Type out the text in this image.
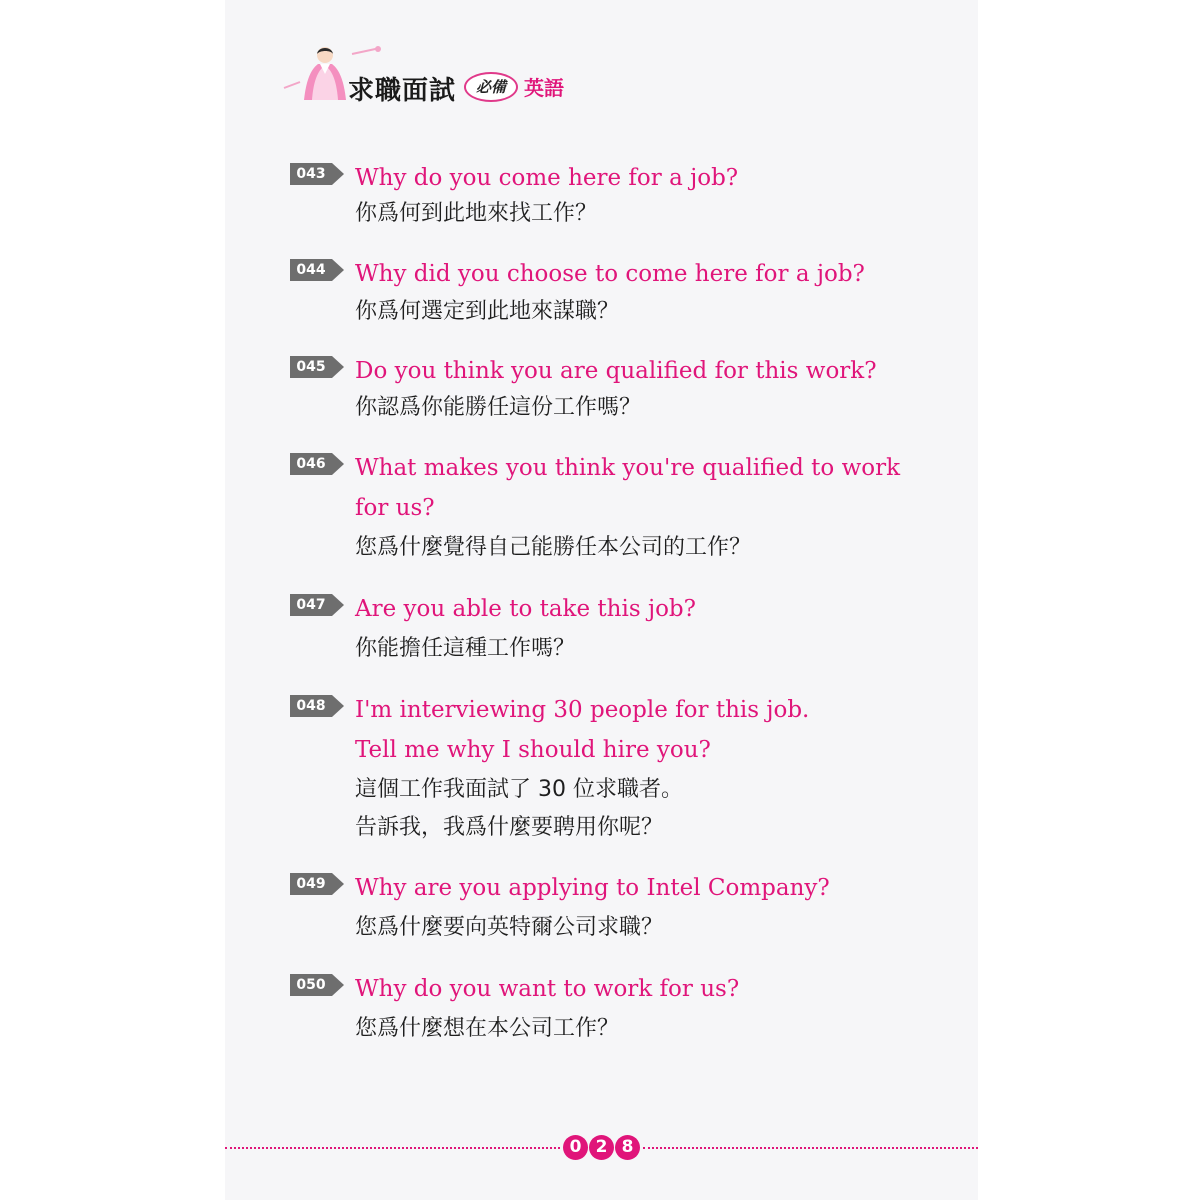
求職面試	必備 英語
043 Why do you come here for a job?
你爲何到此地來找工作？
044 Why did you choose to come here for a job?
你爲何選定到此地來謀職？
045 Do you think you are qualified for this work?
你認爲你能勝任這份工作嗎？
046 What makes you think you're qualified to work
for us?
您爲什麼覺得自己能勝任本公司的工作？
047 Are you able to take this job?
你能擔任這種工作嗎？
048 I'm interviewing 30 people for this job.
Tell me why I should hire you?
這個工作我面試了 30 位求職者。
告訴我，我爲什麼要聘用你呢？
049 Why are you applying to Intel Company?
您爲什麼要向英特爾公司求職？
050 Why do you want to work for us?
您爲什麼想在本公司工作？
0 2 8
